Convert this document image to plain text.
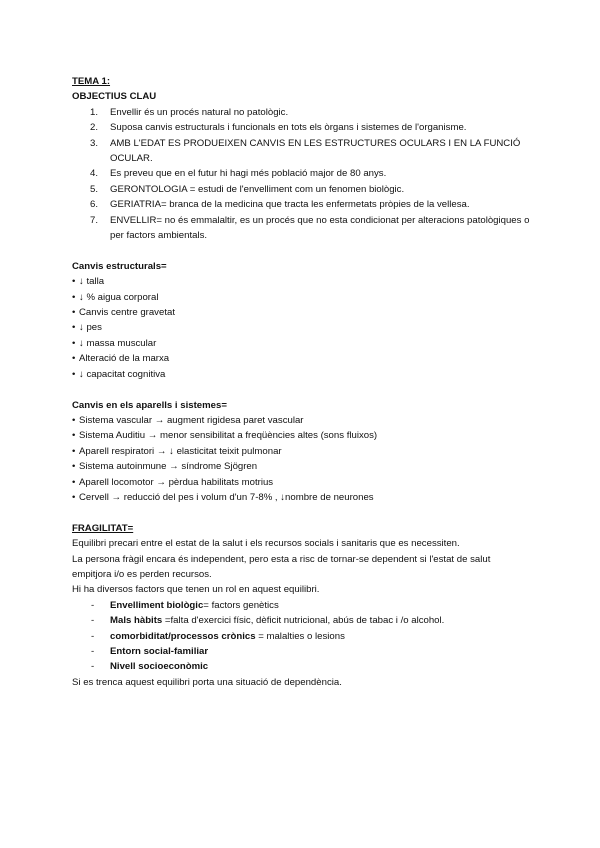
TEMA 1:
OBJECTIUS CLAU
1. Envellir és un procés natural no patològic.
2. Suposa canvis estructurals i funcionals en tots els òrgans i sistemes de l'organisme.
3. AMB L'EDAT ES PRODUEIXEN CANVIS EN LES ESTRUCTURES OCULARS I EN LA FUNCIÓ OCULAR.
4. Es preveu que en el futur hi hagi més població major de 80 anys.
5. GERONTOLOGIA = estudi de l'envelliment com un fenomen biològic.
6. GERIATRIA= branca de la medicina que tracta les enfermetats pròpies de la vellesa.
7. ENVELLIR= no és emmalaltir, es un procés que no esta condicionat per alteracions patològiques o per factors ambientals.
Canvis estructurals=
• ↓ talla
• ↓ % aigua corporal
• Canvis centre gravetat
• ↓ pes
• ↓ massa muscular
• Alteració de la marxa
• ↓ capacitat cognitiva
Canvis en els aparells i sistemes=
• Sistema vascular → augment rigidesa paret vascular
• Sistema Auditiu → menor sensibilitat a freqüències altes (sons fluixos)
• Aparell respiratori → ↓ elasticitat teixit pulmonar
• Sistema autoinmune → síndrome Sjögren
• Aparell locomotor → pèrdua habilitats motrius
• Cervell → reducció del pes i volum d'un 7-8% , ↓nombre de neurones
FRAGILITAT=

Equilibri precari entre el estat de la salut i els recursos socials i sanitaris que es necessiten.

La persona fràgil encara és independent, pero esta a risc de tornar-se dependent si l'estat de salut empitjora i/o es perden recursos.

Hi ha diversos factors que tenen un rol en aquest equilibri.

- Envelliment biològic= factors genètics
- Mals hàbits =falta d'exercici físic, dèficit nutricional, abús de tabac i /o alcohol.
- comorbiditat/processos crònics = malalties o lesions
- Entorn social-familiar
- Nivell socioeconòmic

Si es trenca aquest equilibri porta una situació de dependència.
